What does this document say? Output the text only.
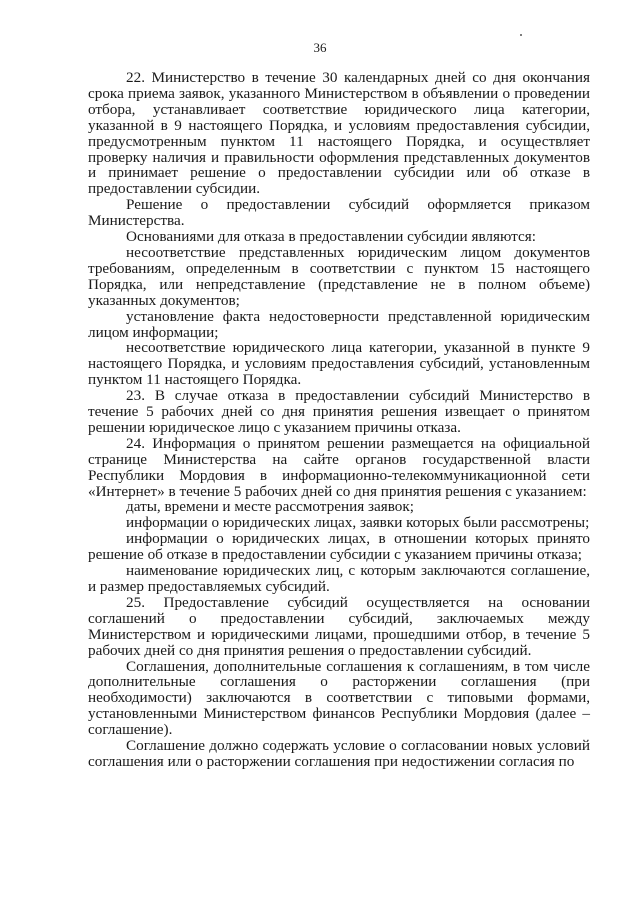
36

22. Министерство в течение 30 календарных дней со дня окончания срока приема заявок, указанного Министерством в объявлении о проведении отбора, устанавливает соответствие юридического лица категории, указанной в 9 настоящего Порядка, и условиям предоставления субсидии, предусмотренным пунктом 11 настоящего Порядка, и осуществляет проверку наличия и правильности оформления представленных документов и принимает решение о предоставлении субсидии или об отказе в предоставлении субсидии.

Решение о предоставлении субсидий оформляется приказом Министерства.

Основаниями для отказа в предоставлении субсидии являются:

несоответствие представленных юридическим лицом документов требованиям, определенным в соответствии с пунктом 15 настоящего Порядка, или непредставление (представление не в полном объеме) указанных документов;

установление факта недостоверности представленной юридическим лицом информации;

несоответствие юридического лица категории, указанной в пункте 9 настоящего Порядка, и условиям предоставления субсидий, установленным пунктом 11 настоящего Порядка.

23. В случае отказа в предоставлении субсидий Министерство в течение 5 рабочих дней со дня принятия решения извещает о принятом решении юридическое лицо с указанием причины отказа.

24. Информация о принятом решении размещается на официальной странице Министерства на сайте органов государственной власти Республики Мордовия в информационно-телекоммуникационной сети «Интернет» в течение 5 рабочих дней со дня принятия решения с указанием:

даты, времени и месте рассмотрения заявок;

информации о юридических лицах, заявки которых были рассмотрены;

информации о юридических лицах, в отношении которых принято решение об отказе в предоставлении субсидии с указанием причины отказа;

наименование юридических лиц, с которым заключаются соглашение, и размер предоставляемых субсидий.

25. Предоставление субсидий осуществляется на основании соглашений о предоставлении субсидий, заключаемых между Министерством и юридическими лицами, прошедшими отбор, в течение 5 рабочих дней со дня принятия решения о предоставлении субсидий.

Соглашения, дополнительные соглашения к соглашениям, в том числе дополнительные соглашения о расторжении соглашения (при необходимости) заключаются в соответствии с типовыми формами, установленными Министерством финансов Республики Мордовия (далее – соглашение).

Соглашение должно содержать условие о согласовании новых условий соглашения или о расторжении соглашения при недостижении согласия по
